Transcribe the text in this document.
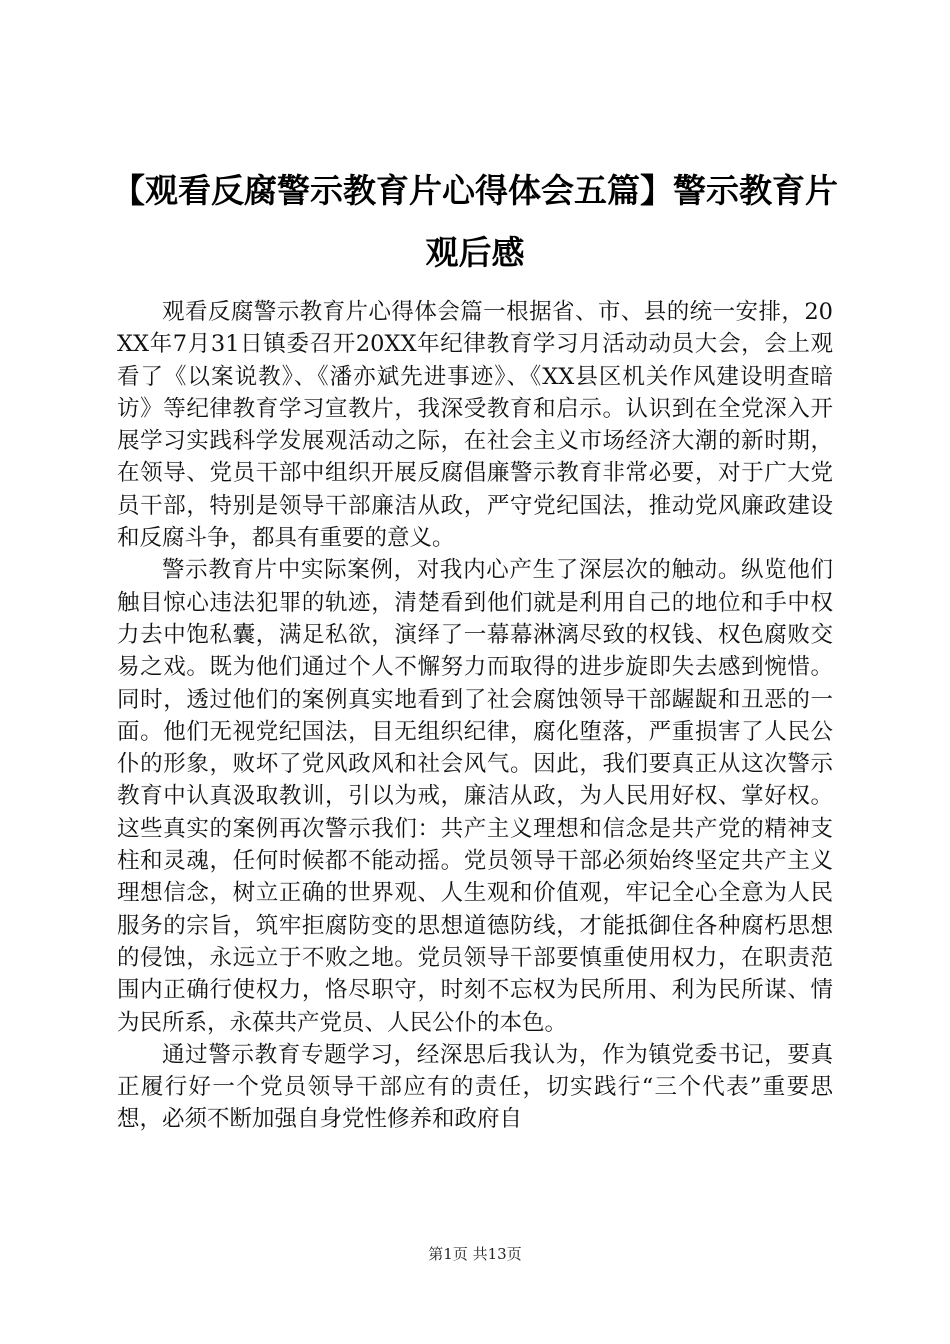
【观看反腐警示教育片心得体会五篇】警示教育片观后感

观看反腐警示教育片心得体会篇一根据省、市、县的统一安排，20XX年7月31日镇委召开20XX年纪律教育学习月活动动员大会，会上观看了《以案说教》、《潘亦斌先进事迹》、《XX县区机关作风建设明查暗访》等纪律教育学习宣教片，我深受教育和启示。认识到在全党深入开展学习实践科学发展观活动之际，在社会主义市场经济大潮的新时期，在领导、党员干部中组织开展反腐倡廉警示教育非常必要，对于广大党员干部，特别是领导干部廉洁从政，严守党纪国法，推动党风廉政建设和反腐斗争，都具有重要的意义。

警示教育片中实际案例，对我内心产生了深层次的触动。纵览他们触目惊心违法犯罪的轨迹，清楚看到他们就是利用自己的地位和手中权力去中饱私囊，满足私欲，演绎了一幕幕淋漓尽致的权钱、权色腐败交易之戏。既为他们通过个人不懈努力而取得的进步旋即失去感到惋惜。同时，透过他们的案例真实地看到了社会腐蚀领导干部龌龊和丑恶的一面。他们无视党纪国法，目无组织纪律，腐化堕落，严重损害了人民公仆的形象，败坏了党风政风和社会风气。因此，我们要真正从这次警示教育中认真汲取教训，引以为戒，廉洁从政，为人民用好权、掌好权。这些真实的案例再次警示我们：共产主义理想和信念是共产党的精神支柱和灵魂，任何时候都不能动摇。党员领导干部必须始终坚定共产主义理想信念，树立正确的世界观、人生观和价值观，牢记全心全意为人民服务的宗旨，筑牢拒腐防变的思想道德防线，才能抵御住各种腐朽思想的侵蚀，永远立于不败之地。党员领导干部要慎重使用权力，在职责范围内正确行使权力，恪尽职守，时刻不忘权为民所用、利为民所谋、情为民所系，永葆共产党员、人民公仆的本色。

通过警示教育专题学习，经深思后我认为，作为镇党委书记，要真正履行好一个党员领导干部应有的责任，切实践行“三个代表”重要思想，必须不断加强自身党性修养和政府自

第1页 共13页
